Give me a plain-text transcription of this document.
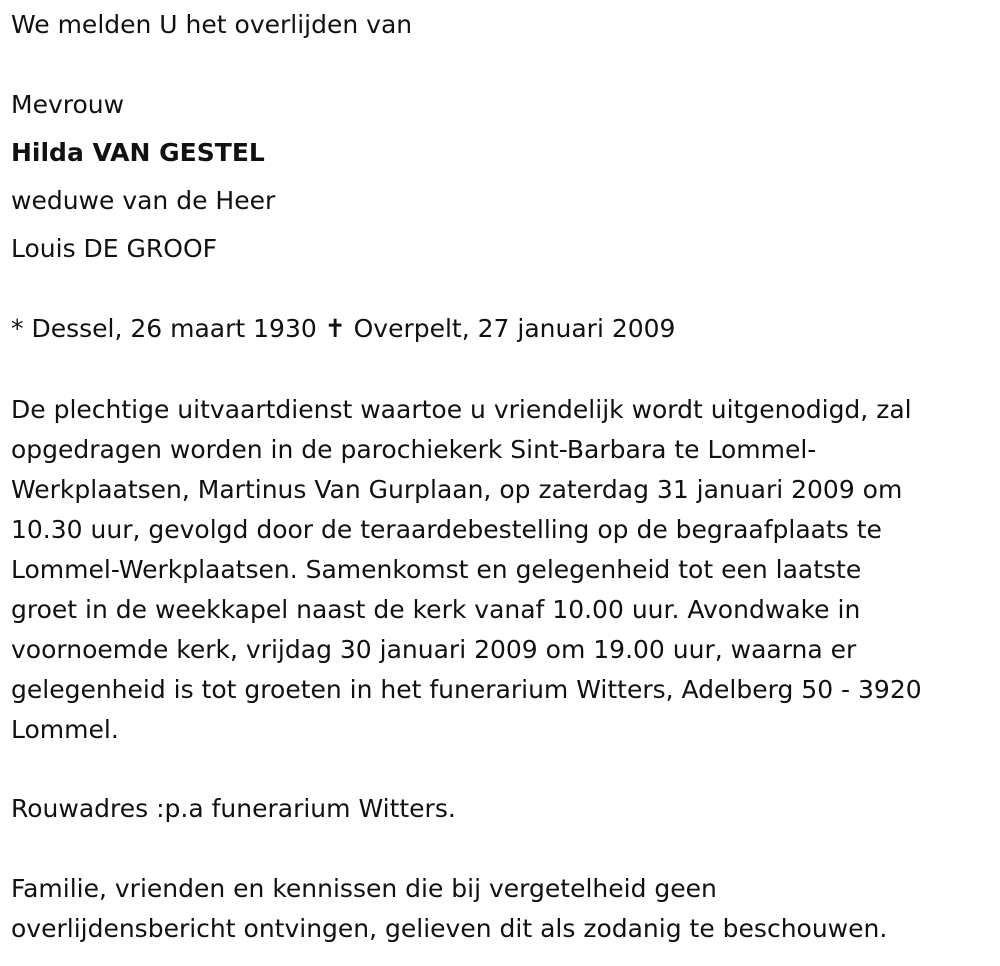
We melden U het overlijden van
Mevrouw
Hilda VAN GESTEL
weduwe van de Heer
Louis DE GROOF
* Dessel, 26 maart 1930 ✝ Overpelt, 27 januari 2009
De plechtige uitvaartdienst waartoe u vriendelijk wordt uitgenodigd, zal
opgedragen worden in de parochiekerk Sint-Barbara te Lommel-
Werkplaatsen, Martinus Van Gurplaan, op zaterdag 31 januari 2009 om
10.30 uur, gevolgd door de teraardebestelling op de begraafplaats te
Lommel-Werkplaatsen. Samenkomst en gelegenheid tot een laatste
groet in de weekkapel naast de kerk vanaf 10.00 uur. Avondwake in
voornoemde kerk, vrijdag 30 januari 2009 om 19.00 uur, waarna er
gelegenheid is tot groeten in het funerarium Witters, Adelberg 50 - 3920
Lommel.
Rouwadres :p.a funerarium Witters.
Familie, vrienden en kennissen die bij vergetelheid geen
overlijdensbericht ontvingen, gelieven dit als zodanig te beschouwen.
